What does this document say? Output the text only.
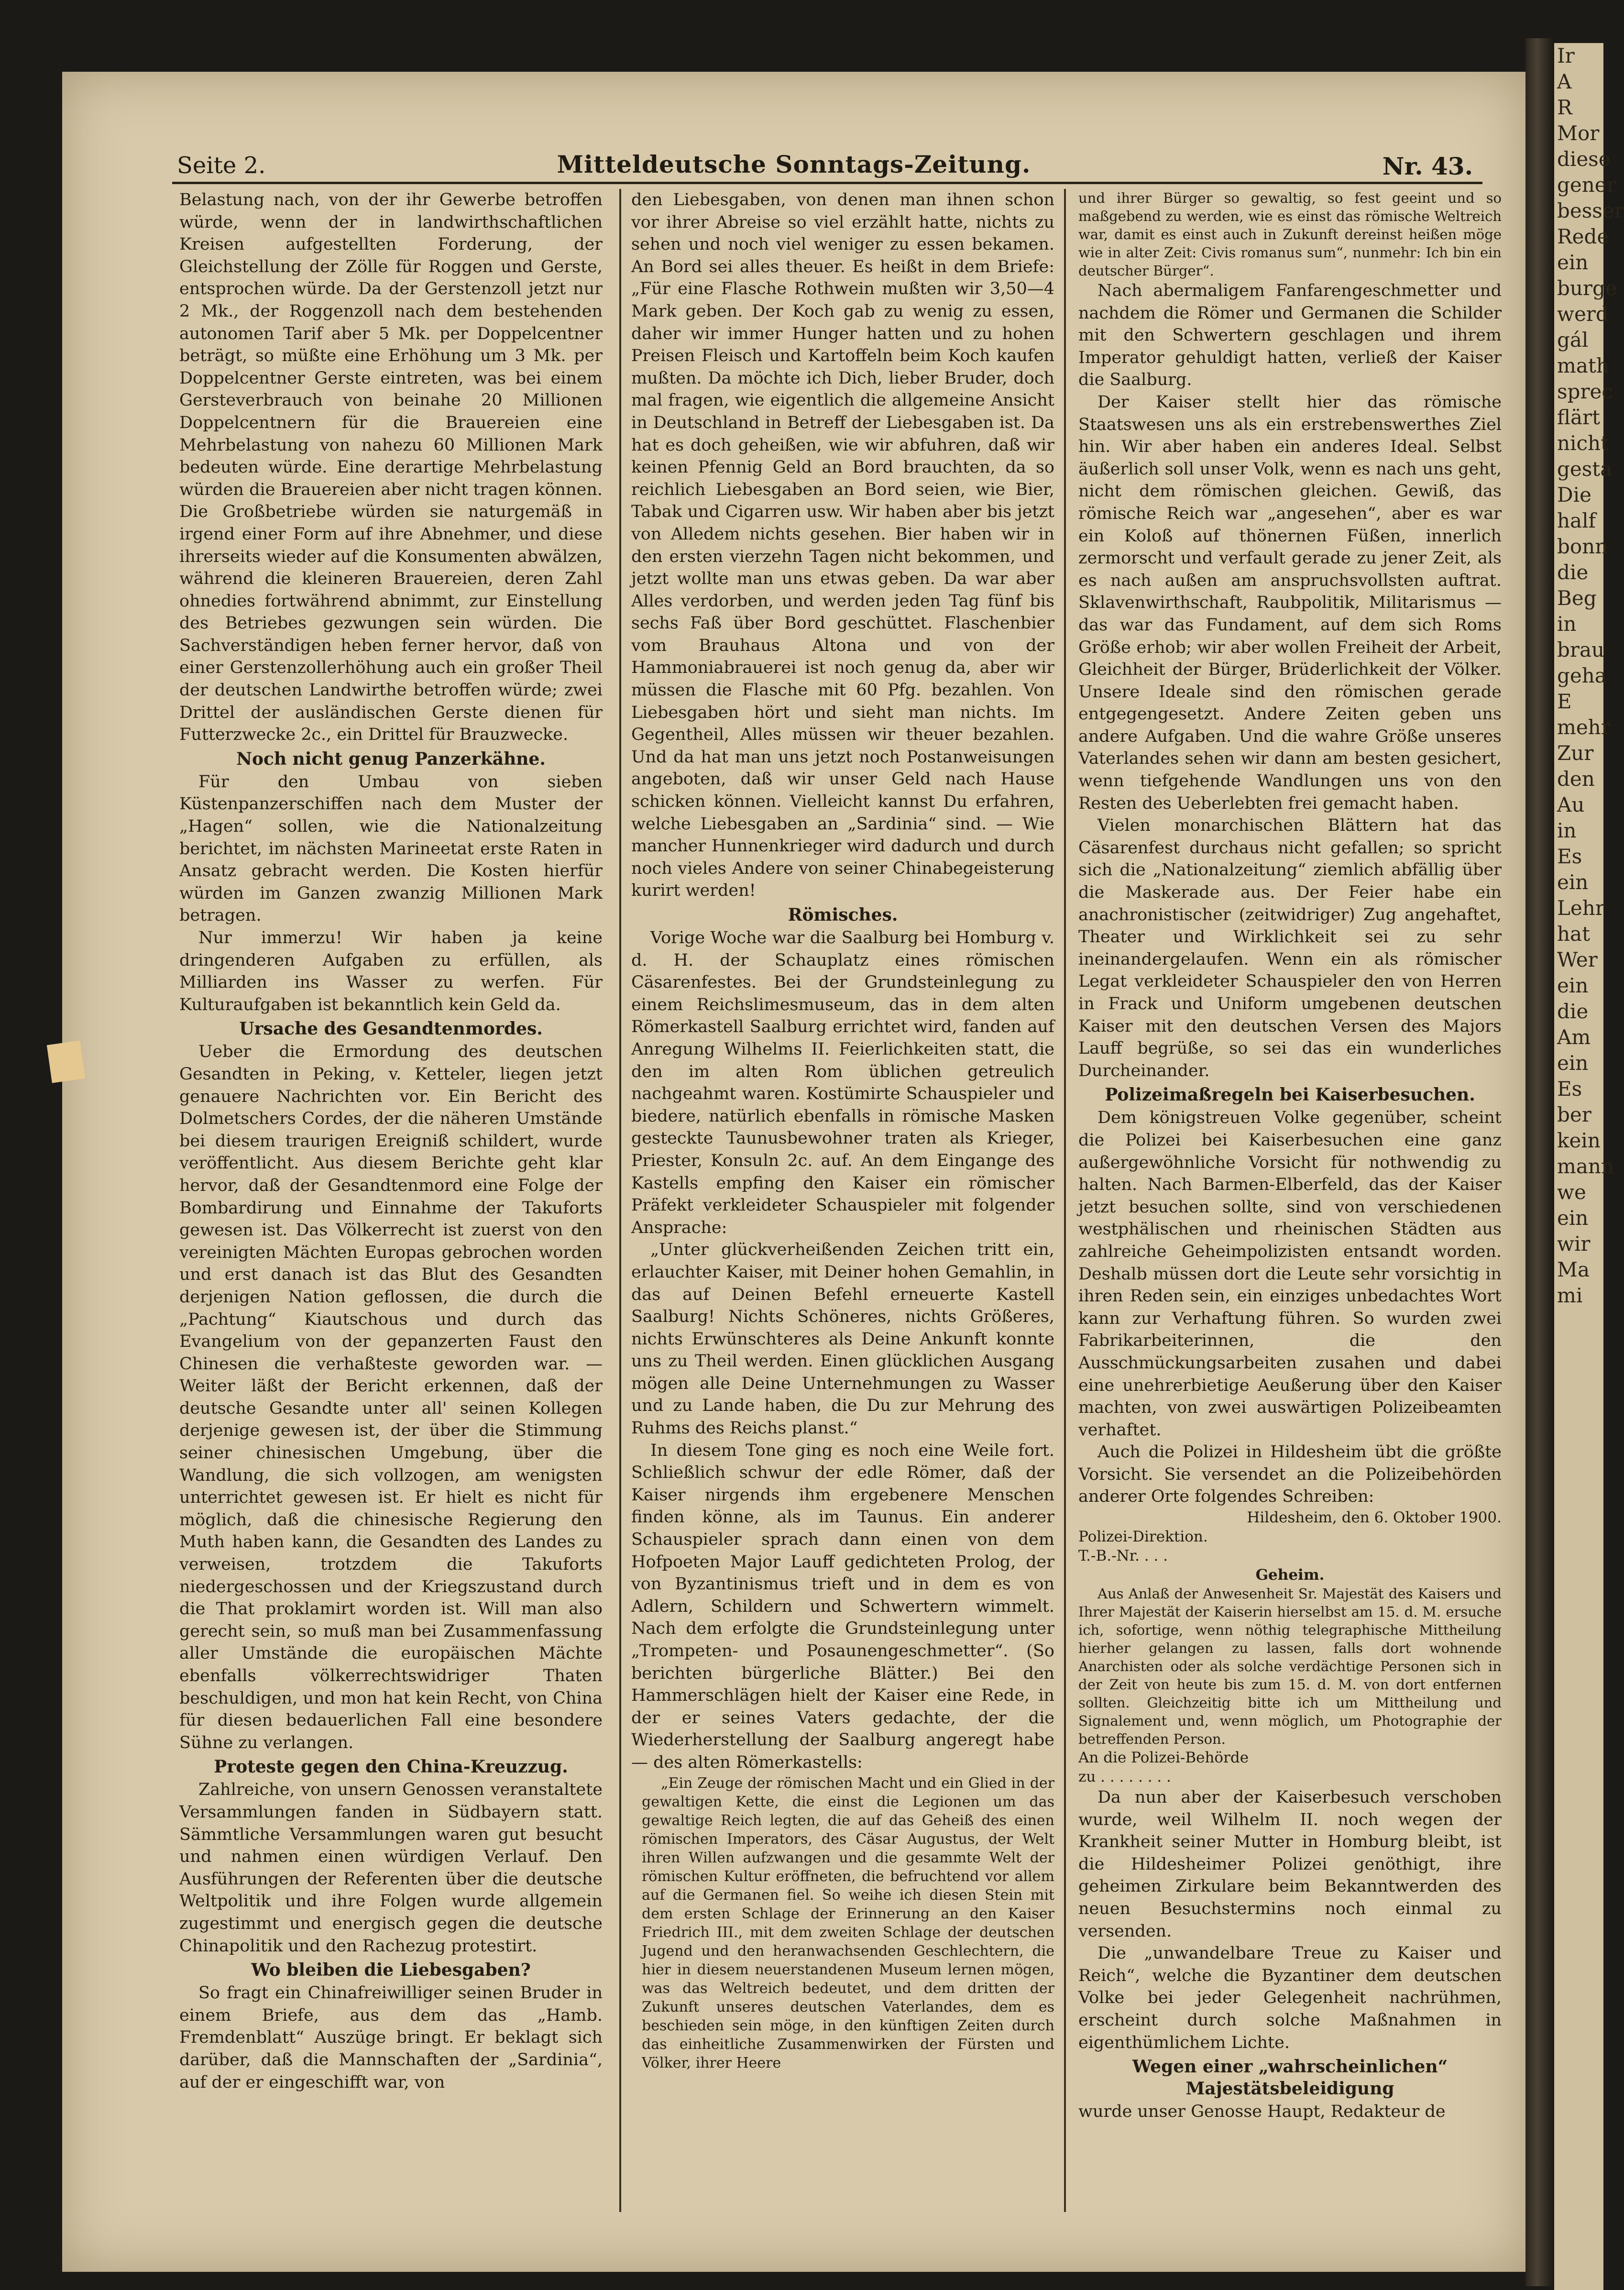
Ir
A
R
Mor
diese
gener
besser
Rede
ein
burge
werd
gál
math
sprec
flärt
nicht
gesta
Die
half
bonn
die
Beg
in
brau
geha
E
mehr
Zur
den
Au
in
Es
ein
Lehr
hat
Wer
ein
die
Am
ein
Es
ber
kein
mann
we
ein
wir
Ma
mi
Seite 2.	Mitteldeutsche Sonntags-Zeitung.	Nr. 43.

Belastung nach, von der ihr Gewerbe betroffen würde, wenn der in landwirthschaftlichen Kreisen aufgestellten Forderung, der Gleichstellung der Zölle für Roggen und Gerste, entsprochen würde. Da der Gerstenzoll jetzt nur 2 Mk., der Roggenzoll nach dem bestehenden autonomen Tarif aber 5 Mk. per Doppelcentner beträgt, so müßte eine Erhöhung um 3 Mk. per Doppelcentner Gerste eintreten, was bei einem Gersteverbrauch von beinahe 20 Millionen Doppelcentnern für die Brauereien eine Mehrbelastung von nahezu 60 Millionen Mark bedeuten würde. Eine derartige Mehrbelastung würden die Brauereien aber nicht tragen können. Die Großbetriebe würden sie naturgemäß in irgend einer Form auf ihre Abnehmer, und diese ihrerseits wieder auf die Konsumenten abwälzen, während die kleineren Brauereien, deren Zahl ohnedies fortwährend abnimmt, zur Einstellung des Betriebes gezwungen sein würden. Die Sachverständigen heben ferner hervor, daß von einer Gerstenzollerhöhung auch ein großer Theil der deutschen Landwirthe betroffen würde; zwei Drittel der ausländischen Gerste dienen für Futterzwecke 2c., ein Drittel für Brauzwecke.

Noch nicht genug Panzerkähne.

Für den Umbau von sieben Küstenpanzerschiffen nach dem Muster der „Hagen“ sollen, wie die Nationalzeitung berichtet, im nächsten Marineetat erste Raten in Ansatz gebracht werden. Die Kosten hierfür würden im Ganzen zwanzig Millionen Mark betragen.

Nur immerzu! Wir haben ja keine dringenderen Aufgaben zu erfüllen, als Milliarden ins Wasser zu werfen. Für Kulturaufgaben ist bekanntlich kein Geld da.

Ursache des Gesandtenmordes.

Ueber die Ermordung des deutschen Gesandten in Peking, v. Ketteler, liegen jetzt genauere Nachrichten vor. Ein Bericht des Dolmetschers Cordes, der die näheren Umstände bei diesem traurigen Ereigniß schildert, wurde veröffentlicht. Aus diesem Berichte geht klar hervor, daß der Gesandtenmord eine Folge der Bombardirung und Einnahme der Takuforts gewesen ist. Das Völkerrecht ist zuerst von den vereinigten Mächten Europas gebrochen worden und erst danach ist das Blut des Gesandten derjenigen Nation geflossen, die durch die „Pachtung“ Kiautschous und durch das Evangelium von der gepanzerten Faust den Chinesen die verhaßteste geworden war. — Weiter läßt der Bericht erkennen, daß der deutsche Gesandte unter all' seinen Kollegen derjenige gewesen ist, der über die Stimmung seiner chinesischen Umgebung, über die Wandlung, die sich vollzogen, am wenigsten unterrichtet gewesen ist. Er hielt es nicht für möglich, daß die chinesische Regierung den Muth haben kann, die Gesandten des Landes zu verweisen, trotzdem die Takuforts niedergeschossen und der Kriegszustand durch die That proklamirt worden ist. Will man also gerecht sein, so muß man bei Zusammenfassung aller Umstände die europäischen Mächte ebenfalls völkerrechtswidriger Thaten beschuldigen, und mon hat kein Recht, von China für diesen bedauerlichen Fall eine besondere Sühne zu verlangen.

Proteste gegen den China-Kreuzzug.

Zahlreiche, von unsern Genossen veranstaltete Versammlungen fanden in Südbayern statt. Sämmtliche Versammlungen waren gut besucht und nahmen einen würdigen Verlauf. Den Ausführungen der Referenten über die deutsche Weltpolitik und ihre Folgen wurde allgemein zugestimmt und energisch gegen die deutsche Chinapolitik und den Rachezug protestirt.

Wo bleiben die Liebesgaben?

So fragt ein Chinafreiwilliger seinen Bruder in einem Briefe, aus dem das „Hamb. Fremdenblatt“ Auszüge bringt. Er beklagt sich darüber, daß die Mannschaften der „Sardinia“, auf der er eingeschifft war, von

den Liebesgaben, von denen man ihnen schon vor ihrer Abreise so viel erzählt hatte, nichts zu sehen und noch viel weniger zu essen bekamen. An Bord sei alles theuer. Es heißt in dem Briefe: „Für eine Flasche Rothwein mußten wir 3,50—4 Mark geben. Der Koch gab zu wenig zu essen, daher wir immer Hunger hatten und zu hohen Preisen Fleisch und Kartoffeln beim Koch kaufen mußten. Da möchte ich Dich, lieber Bruder, doch mal fragen, wie eigentlich die allgemeine Ansicht in Deutschland in Betreff der Liebesgaben ist. Da hat es doch geheißen, wie wir abfuhren, daß wir keinen Pfennig Geld an Bord brauchten, da so reichlich Liebesgaben an Bord seien, wie Bier, Tabak und Cigarren usw. Wir haben aber bis jetzt von Alledem nichts gesehen. Bier haben wir in den ersten vierzehn Tagen nicht bekommen, und jetzt wollte man uns etwas geben. Da war aber Alles verdorben, und werden jeden Tag fünf bis sechs Faß über Bord geschüttet. Flaschenbier vom Brauhaus Altona und von der Hammoniabrauerei ist noch genug da, aber wir müssen die Flasche mit 60 Pfg. bezahlen. Von Liebesgaben hört und sieht man nichts. Im Gegentheil, Alles müssen wir theuer bezahlen. Und da hat man uns jetzt noch Postanweisungen angeboten, daß wir unser Geld nach Hause schicken können. Vielleicht kannst Du erfahren, welche Liebesgaben an „Sardinia“ sind. — Wie mancher Hunnenkrieger wird dadurch und durch noch vieles Andere von seiner Chinabegeisterung kurirt werden!

Römisches.

Vorige Woche war die Saalburg bei Homburg v. d. H. der Schauplatz eines römischen Cäsarenfestes. Bei der Grundsteinlegung zu einem Reichslimesmuseum, das in dem alten Römerkastell Saalburg errichtet wird, fanden auf Anregung Wilhelms II. Feierlichkeiten statt, die den im alten Rom üblichen getreulich nachgeahmt waren. Kostümirte Schauspieler und biedere, natürlich ebenfalls in römische Masken gesteckte Taunusbewohner traten als Krieger, Priester, Konsuln 2c. auf. An dem Eingange des Kastells empfing den Kaiser ein römischer Präfekt verkleideter Schauspieler mit folgender Ansprache:

„Unter glückverheißenden Zeichen tritt ein, erlauchter Kaiser, mit Deiner hohen Gemahlin, in das auf Deinen Befehl erneuerte Kastell Saalburg! Nichts Schöneres, nichts Größeres, nichts Erwünschteres als Deine Ankunft konnte uns zu Theil werden. Einen glücklichen Ausgang mögen alle Deine Unternehmungen zu Wasser und zu Lande haben, die Du zur Mehrung des Ruhms des Reichs planst.“

In diesem Tone ging es noch eine Weile fort. Schließlich schwur der edle Römer, daß der Kaiser nirgends ihm ergebenere Menschen finden könne, als im Taunus. Ein anderer Schauspieler sprach dann einen von dem Hofpoeten Major Lauff gedichteten Prolog, der von Byzantinismus trieft und in dem es von Adlern, Schildern und Schwertern wimmelt. Nach dem erfolgte die Grundsteinlegung unter „Trompeten- und Posaunengeschmetter“. (So berichten bürgerliche Blätter.) Bei den Hammerschlägen hielt der Kaiser eine Rede, in der er seines Vaters gedachte, der die Wiederherstellung der Saalburg angeregt habe — des alten Römerkastells:

„Ein Zeuge der römischen Macht und ein Glied in der gewaltigen Kette, die einst die Legionen um das gewaltige Reich legten, die auf das Geheiß des einen römischen Imperators, des Cäsar Augustus, der Welt ihren Willen aufzwangen und die gesammte Welt der römischen Kultur eröffneten, die befruchtend vor allem auf die Germanen fiel. So weihe ich diesen Stein mit dem ersten Schlage der Erinnerung an den Kaiser Friedrich III., mit dem zweiten Schlage der deutschen Jugend und den heranwachsenden Geschlechtern, die hier in diesem neuerstandenen Museum lernen mögen, was das Weltreich bedeutet, und dem dritten der Zukunft unseres deutschen Vaterlandes, dem es beschieden sein möge, in den künftigen Zeiten durch das einheitliche Zusammenwirken der Fürsten und Völker, ihrer Heere

und ihrer Bürger so gewaltig, so fest geeint und so maßgebend zu werden, wie es einst das römische Weltreich war, damit es einst auch in Zukunft dereinst heißen möge wie in alter Zeit: Civis romanus sum“, nunmehr: Ich bin ein deutscher Bürger“.

Nach abermaligem Fanfarengeschmetter und nachdem die Römer und Germanen die Schilder mit den Schwertern geschlagen und ihrem Imperator gehuldigt hatten, verließ der Kaiser die Saalburg.

Der Kaiser stellt hier das römische Staatswesen uns als ein erstrebenswerthes Ziel hin. Wir aber haben ein anderes Ideal. Selbst äußerlich soll unser Volk, wenn es nach uns geht, nicht dem römischen gleichen. Gewiß, das römische Reich war „angesehen“, aber es war ein Koloß auf thönernen Füßen, innerlich zermorscht und verfault gerade zu jener Zeit, als es nach außen am anspruchsvollsten auftrat. Sklavenwirthschaft, Raubpolitik, Militarismus — das war das Fundament, auf dem sich Roms Größe erhob; wir aber wollen Freiheit der Arbeit, Gleichheit der Bürger, Brüderlichkeit der Völker. Unsere Ideale sind den römischen gerade entgegengesetzt. Andere Zeiten geben uns andere Aufgaben. Und die wahre Größe unseres Vaterlandes sehen wir dann am besten gesichert, wenn tiefgehende Wandlungen uns von den Resten des Ueberlebten frei gemacht haben.

Vielen monarchischen Blättern hat das Cäsarenfest durchaus nicht gefallen; so spricht sich die „Nationalzeitung“ ziemlich abfällig über die Maskerade aus. Der Feier habe ein anachronistischer (zeitwidriger) Zug angehaftet, Theater und Wirklichkeit sei zu sehr ineinandergelaufen. Wenn ein als römischer Legat verkleideter Schauspieler den von Herren in Frack und Uniform umgebenen deutschen Kaiser mit den deutschen Versen des Majors Lauff begrüße, so sei das ein wunderliches Durcheinander.

Polizeimaßregeln bei Kaiserbesuchen.

Dem königstreuen Volke gegenüber, scheint die Polizei bei Kaiserbesuchen eine ganz außergewöhnliche Vorsicht für nothwendig zu halten. Nach Barmen-Elberfeld, das der Kaiser jetzt besuchen sollte, sind von verschiedenen westphälischen und rheinischen Städten aus zahlreiche Geheimpolizisten entsandt worden. Deshalb müssen dort die Leute sehr vorsichtig in ihren Reden sein, ein einziges unbedachtes Wort kann zur Verhaftung führen. So wurden zwei Fabrikarbeiterinnen, die den Ausschmückungsarbeiten zusahen und dabei eine unehrerbietige Aeußerung über den Kaiser machten, von zwei auswärtigen Polizeibeamten verhaftet.

Auch die Polizei in Hildesheim übt die größte Vorsicht. Sie versendet an die Polizeibehörden anderer Orte folgendes Schreiben:

Hildesheim, den 6. Oktober 1900.
Polizei-Direktion.
T.-B.-Nr. . . .
Geheim.

Aus Anlaß der Anwesenheit Sr. Majestät des Kaisers und Ihrer Majestät der Kaiserin hierselbst am 15. d. M. ersuche ich, sofortige, wenn nöthig telegraphische Mittheilung hierher gelangen zu lassen, falls dort wohnende Anarchisten oder als solche verdächtige Personen sich in der Zeit von heute bis zum 15. d. M. von dort entfernen sollten. Gleichzeitig bitte ich um Mittheilung und Signalement und, wenn möglich, um Photographie der betreffenden Person.

An die Polizei-Behörde
zu . . . . . . . .

Da nun aber der Kaiserbesuch verschoben wurde, weil Wilhelm II. noch wegen der Krankheit seiner Mutter in Homburg bleibt, ist die Hildesheimer Polizei genöthigt, ihre geheimen Zirkulare beim Bekanntwerden des neuen Besuchstermins noch einmal zu versenden.

Die „unwandelbare Treue zu Kaiser und Reich“, welche die Byzantiner dem deutschen Volke bei jeder Gelegenheit nachrühmen, erscheint durch solche Maßnahmen in eigenthümlichem Lichte.

Wegen einer „wahrscheinlichen“ Majestätsbeleidigung

wurde unser Genosse Haupt, Redakteur de
